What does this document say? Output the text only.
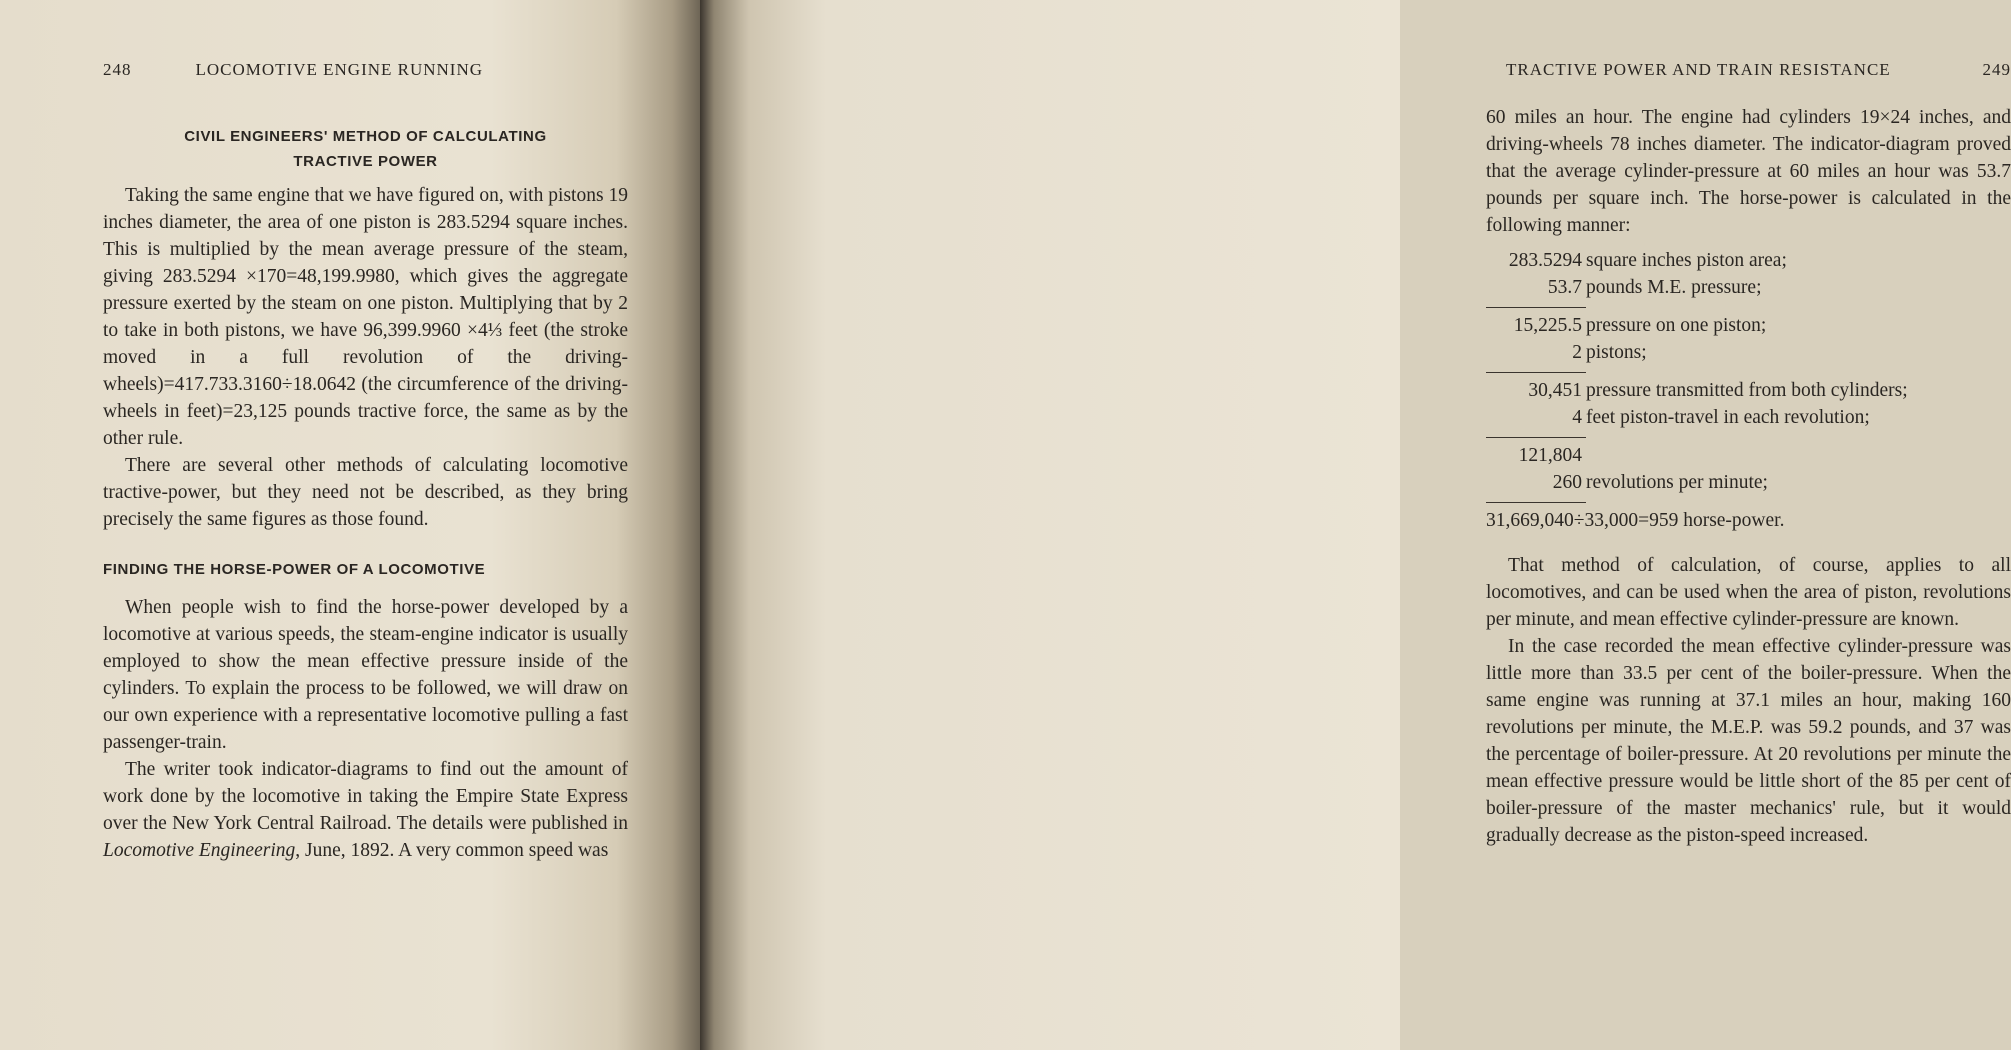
248	LOCOMOTIVE ENGINE RUNNING
CIVIL ENGINEERS' METHOD OF CALCULATING
TRACTIVE POWER

Taking the same engine that we have figured on, with pistons 19 inches diameter, the area of one piston is 283.5294 square inches. This is multiplied by the mean average pressure of the steam, giving 283.5294 ×170=48,199.9980, which gives the aggregate pressure exerted by the steam on one piston. Multiplying that by 2 to take in both pistons, we have 96,399.9960 ×4⅓ feet (the stroke moved in a full revolution of the driving-wheels)=417.733.3160÷18.0642 (the circumference of the driving-wheels in feet)=23,125 pounds tractive force, the same as by the other rule.

There are several other methods of calculating locomotive tractive-power, but they need not be described, as they bring precisely the same figures as those found.

FINDING THE HORSE-POWER OF A LOCOMOTIVE

When people wish to find the horse-power developed by a locomotive at various speeds, the steam-engine indicator is usually employed to show the mean effective pressure inside of the cylinders. To explain the process to be followed, we will draw on our own experience with a representative locomotive pulling a fast passenger-train.

The writer took indicator-diagrams to find out the amount of work done by the locomotive in taking the Empire State Express over the New York Central Railroad. The details were published in Locomotive Engineering, June, 1892. A very common speed was

TRACTIVE POWER AND TRAIN RESISTANCE	249

60 miles an hour. The engine had cylinders 19×24 inches, and driving-wheels 78 inches diameter. The indicator-diagram proved that the average cylinder-pressure at 60 miles an hour was 53.7 pounds per square inch. The horse-power is calculated in the following manner:

283.5294 square inches piston area;
53.7 pounds M.E. pressure;
15,225.5 pressure on one piston;
2 pistons;
30,451 pressure transmitted from both cylinders;
4 feet piston-travel in each revolution;
121,804
260 revolutions per minute;
31,669,040÷33,000=959 horse-power.

That method of calculation, of course, applies to all locomotives, and can be used when the area of piston, revolutions per minute, and mean effective cylinder-pressure are known.

In the case recorded the mean effective cylinder-pressure was little more than 33.5 per cent of the boiler-pressure. When the same engine was running at 37.1 miles an hour, making 160 revolutions per minute, the M.E.P. was 59.2 pounds, and 37 was the percentage of boiler-pressure. At 20 revolutions per minute the mean effective pressure would be little short of the 85 per cent of boiler-pressure of the master mechanics' rule, but it would gradually decrease as the piston-speed increased.
